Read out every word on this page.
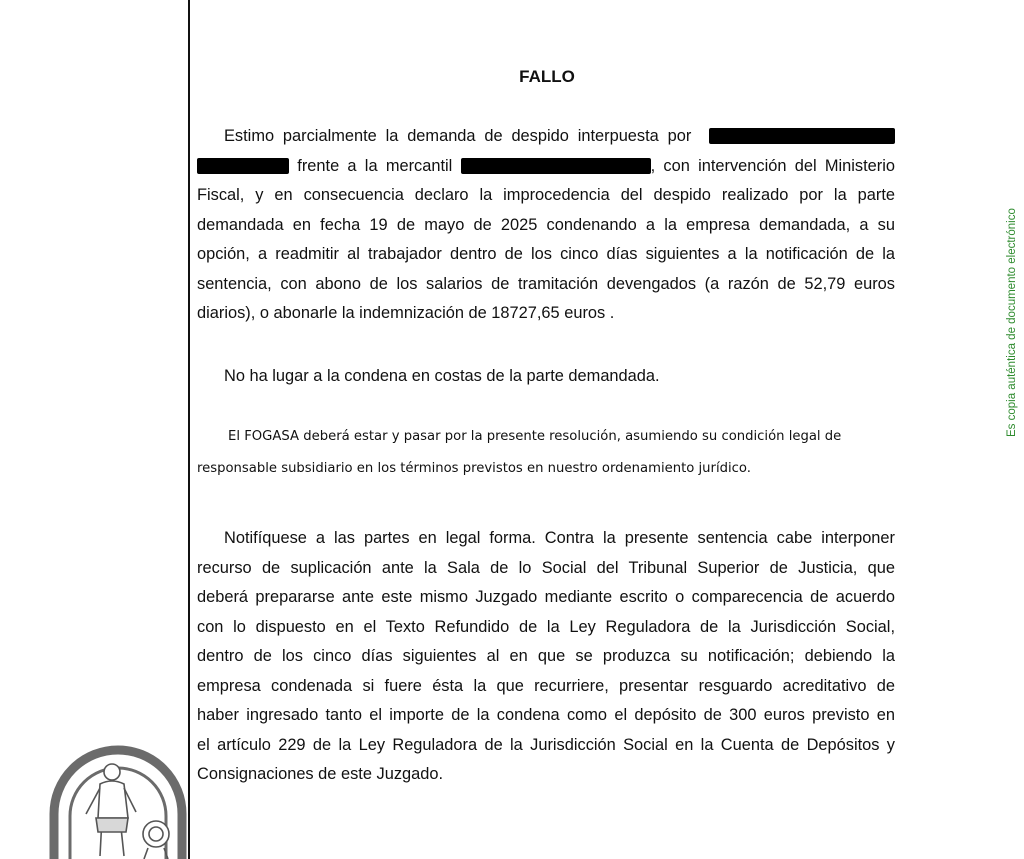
FALLO
Estimo parcialmente la demanda de despido interpuesta por
frente a la mercantil	, con intervención del Ministerio
Fiscal, y en consecuencia declaro la improcedencia del despido realizado por la parte
demandada en fecha 19 de mayo de 2025 condenando a la empresa demandada, a su
opción, a readmitir al trabajador dentro de los cinco días siguientes a la notificación de la
sentencia, con abono de los salarios de tramitación devengados (a razón de 52,79 euros
diarios), o abonarle la indemnización de 18727,65 euros .
No ha lugar a la condena en costas de la parte demandada.
El FOGASA deberá estar y pasar por la presente resolución, asumiendo su condición legal de
responsable subsidiario en los términos previstos en nuestro ordenamiento jurídico.
Notifíquese a las partes en legal forma. Contra la presente sentencia cabe interponer
recurso de suplicación ante la Sala de lo Social del Tribunal Superior de Justicia, que
deberá prepararse ante este mismo Juzgado mediante escrito o comparecencia de acuerdo
con lo dispuesto en el Texto Refundido de la Ley Reguladora de la Jurisdicción Social,
dentro de los cinco días siguientes al en que se produzca su notificación; debiendo la
empresa condenada si fuere ésta la que recurriere, presentar resguardo acreditativo de
haber ingresado tanto el importe de la condena como el depósito de 300 euros previsto en
el artículo 229 de la Ley Reguladora de la Jurisdicción Social en la Cuenta de Depósitos y
Consignaciones de este Juzgado.
Es copia auténtica de documento electrónico
